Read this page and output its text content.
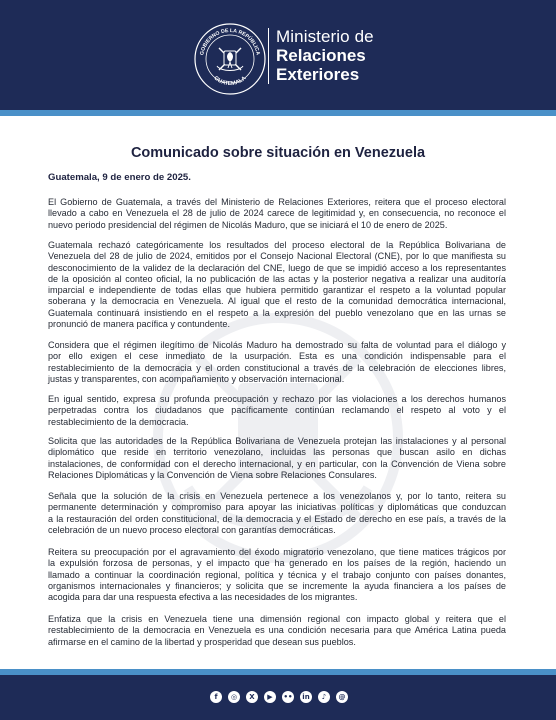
GOBIERNO DE LA REPÚBLICA
GUATEMALA
Ministerio de
Relaciones
Exteriores
Comunicado sobre situación en Venezuela
Guatemala, 9 de enero de 2025.
El Gobierno de Guatemala, a través del Ministerio de Relaciones Exteriores, reitera que el proceso electoral
llevado a cabo en Venezuela el 28 de julio de 2024 carece de legitimidad y, en consecuencia, no reconoce el
nuevo periodo presidencial del régimen de Nicolás Maduro, que se iniciará el 10 de enero de 2025.
Guatemala rechazó categóricamente los resultados del proceso electoral de la República Bolivariana de
Venezuela del 28 de julio de 2024, emitidos por el Consejo Nacional Electoral (CNE), por lo que manifiesta su
desconocimiento de la validez de la declaración del CNE, luego de que se impidió acceso a los representantes
de la oposición al conteo oficial, la no publicación de las actas y la posterior negativa a realizar una auditoría
imparcial e independiente de todas ellas que hubiera permitido garantizar el respeto a la voluntad popular
soberana y la democracia en Venezuela. Al igual que el resto de la comunidad democrática internacional,
Guatemala continuará insistiendo en el respeto a la expresión del pueblo venezolano que en las urnas se
pronunció de manera pacífica y contundente.
Considera que el régimen ilegítimo de Nicolás Maduro ha demostrado su falta de voluntad para el diálogo y
por ello exigen el cese inmediato de la usurpación. Esta es una condición indispensable para el
restablecimiento de la democracia y el orden constitucional a través de la celebración de elecciones libres,
justas y transparentes, con acompañamiento y observación internacional.
En igual sentido, expresa su profunda preocupación y rechazo por las violaciones a los derechos humanos
perpetradas contra los ciudadanos que pacíficamente continúan reclamando el respeto al voto y el
restablecimiento de la democracia.
Solicita que las autoridades de la República Bolivariana de Venezuela protejan las instalaciones y al personal
diplomático que reside en territorio venezolano, incluidas las personas que buscan asilo en dichas
instalaciones, de conformidad con el derecho internacional, y en particular, con la Convención de Viena sobre
Relaciones Diplomáticas y la Convención de Viena sobre Relaciones Consulares.
Señala que la solución de la crisis en Venezuela pertenece a los venezolanos y, por lo tanto, reitera su
permanente determinación y compromiso para apoyar las iniciativas políticas y diplomáticas que conduzcan
a la restauración del orden constitucional, de la democracia y el Estado de derecho en ese país, a través de la
celebración de un nuevo proceso electoral con garantías democráticas.
Reitera su preocupación por el agravamiento del éxodo migratorio venezolano, que tiene matices trágicos por
la expulsión forzosa de personas, y el impacto que ha generado en los países de la región, haciendo un
llamado a continuar la coordinación regional, política y técnica y el trabajo conjunto con países donantes,
organismos internacionales y financieros; y solicita que se incremente la ayuda financiera a los países de
acogida para dar una respuesta efectiva a las necesidades de los migrantes.
Enfatiza que la crisis en Venezuela tiene una dimensión regional con impacto global y reitera que el
restablecimiento de la democracia en Venezuela es una condición necesaria para que América Latina pueda
afirmarse en el camino de la libertad y prosperidad que desean sus pueblos.
f	◎	X	▶	••	in	♪	@
